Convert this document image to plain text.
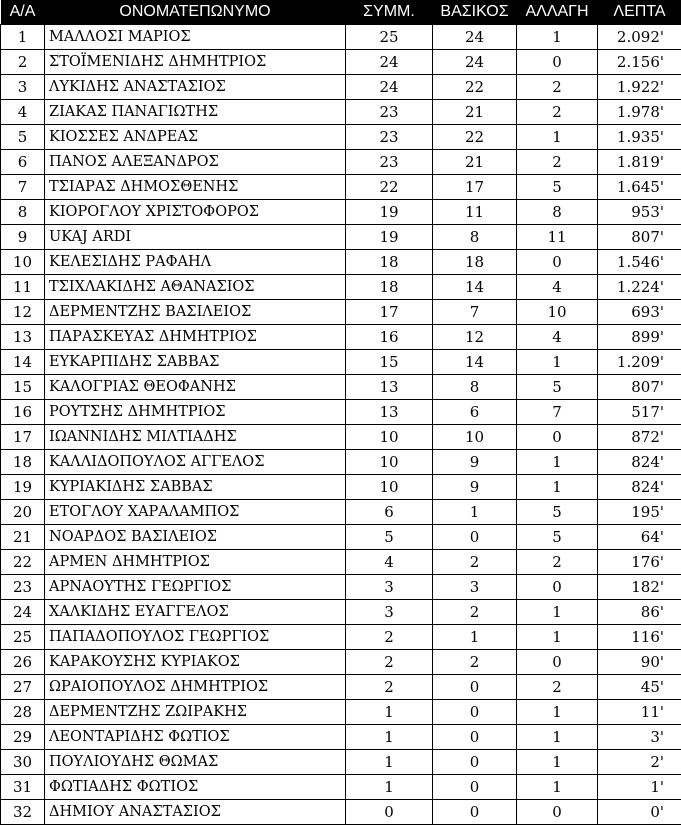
Α/Α	ΟΝΟΜΑΤΕΠΩΝΥΜΟ	ΣΥΜΜ.	ΒΑΣΙΚΟΣ	ΑΛΛΑΓΗ	ΛΕΠΤΑ
1	ΜΑΛΛΟΣΙ ΜΑΡΙΟΣ	25	24	1	2.092'
2	ΣΤΟΪΜΕΝΙΔΗΣ ΔΗΜΗΤΡΙΟΣ	24	24	0	2.156'
3	ΛΥΚΙΔΗΣ ΑΝΑΣΤΑΣΙΟΣ	24	22	2	1.922'
4	ΖΙΑΚΑΣ ΠΑΝΑΓΙΩΤΗΣ	23	21	2	1.978'
5	ΚΙΟΣΣΕΣ ΑΝΔΡΕΑΣ	23	22	1	1.935'
6	ΠΑΝΟΣ ΑΛΕΞΑΝΔΡΟΣ	23	21	2	1.819'
7	ΤΣΙΑΡΑΣ ΔΗΜΟΣΘΕΝΗΣ	22	17	5	1.645'
8	ΚΙΟΡΟΓΛΟΥ ΧΡΙΣΤΟΦΟΡΟΣ	19	11	8	953'
9	UKAJ ARDI	19	8	11	807'
10	ΚΕΛΕΣΙΔΗΣ ΡΑΦΑΗΛ	18	18	0	1.546'
11	ΤΣΙΧΛΑΚΙΔΗΣ ΑΘΑΝΑΣΙΟΣ	18	14	4	1.224'
12	ΔΕΡΜΕΝΤΖΗΣ ΒΑΣΙΛΕΙΟΣ	17	7	10	693'
13	ΠΑΡΑΣΚΕΥΑΣ ΔΗΜΗΤΡΙΟΣ	16	12	4	899'
14	ΕΥΚΑΡΠΙΔΗΣ ΣΑΒΒΑΣ	15	14	1	1.209'
15	ΚΑΛΟΓΡΙΑΣ ΘΕΟΦΑΝΗΣ	13	8	5	807'
16	ΡΟΥΤΣΗΣ ΔΗΜΗΤΡΙΟΣ	13	6	7	517'
17	ΙΩΑΝΝΙΔΗΣ ΜΙΛΤΙΑΔΗΣ	10	10	0	872'
18	ΚΑΛΛΙΔΟΠΟΥΛΟΣ ΑΓΓΕΛΟΣ	10	9	1	824'
19	ΚΥΡΙΑΚΙΔΗΣ ΣΑΒΒΑΣ	10	9	1	824'
20	ΕΤΟΓΛΟΥ ΧΑΡΑΛΑΜΠΟΣ	6	1	5	195'
21	ΝΟΑΡΔΟΣ ΒΑΣΙΛΕΙΟΣ	5	0	5	64'
22	ΑΡΜΕΝ ΔΗΜΗΤΡΙΟΣ	4	2	2	176'
23	ΑΡΝΑΟΥΤΗΣ ΓΕΩΡΓΙΟΣ	3	3	0	182'
24	ΧΑΛΚΙΔΗΣ ΕΥΑΓΓΕΛΟΣ	3	2	1	86'
25	ΠΑΠΑΔΟΠΟΥΛΟΣ ΓΕΩΡΓΙΟΣ	2	1	1	116'
26	ΚΑΡΑΚΟΥΣΗΣ ΚΥΡΙΑΚΟΣ	2	2	0	90'
27	ΩΡΑΙΟΠΟΥΛΟΣ ΔΗΜΗΤΡΙΟΣ	2	0	2	45'
28	ΔΕΡΜΕΝΤΖΗΣ ΖΩΙΡΑΚΗΣ	1	0	1	11'
29	ΛΕΟΝΤΑΡΙΔΗΣ ΦΩΤΙΟΣ	1	0	1	3'
30	ΠΟΥΛΙΟΥΔΗΣ ΘΩΜΑΣ	1	0	1	2'
31	ΦΩΤΙΑΔΗΣ ΦΩΤΙΟΣ	1	0	1	1'
32	ΔΗΜΙΟΥ ΑΝΑΣΤΑΣΙΟΣ	0	0	0	0'
